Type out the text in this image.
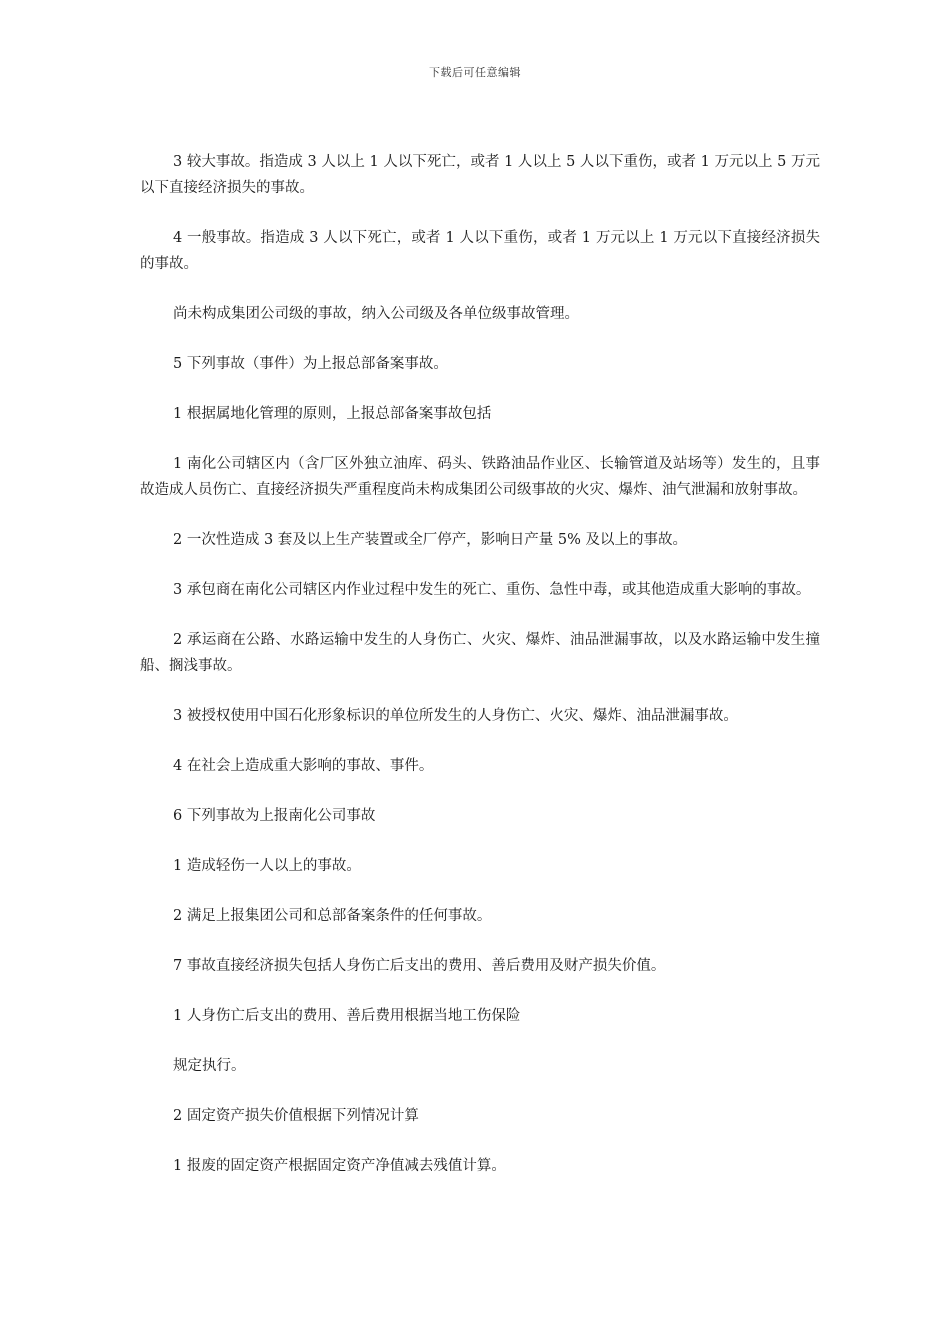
下载后可任意编辑

3 较大事故。指造成 3 人以上 1 人以下死亡，或者 1 人以上 5 人以下重伤，或者 1 万元以上 5 万元以下直接经济损失的事故。

4 一般事故。指造成 3 人以下死亡，或者 1 人以下重伤，或者 1 万元以上 1 万元以下直接经济损失的事故。

尚未构成集团公司级的事故，纳入公司级及各单位级事故管理。

5 下列事故（事件）为上报总部备案事故。

1 根据属地化管理的原则，上报总部备案事故包括

1 南化公司辖区内（含厂区外独立油库、码头、铁路油品作业区、长输管道及站场等）发生的，且事故造成人员伤亡、直接经济损失严重程度尚未构成集团公司级事故的火灾、爆炸、油气泄漏和放射事故。

2 一次性造成 3 套及以上生产装置或全厂停产，影响日产量 5% 及以上的事故。

3 承包商在南化公司辖区内作业过程中发生的死亡、重伤、急性中毒，或其他造成重大影响的事故。

2 承运商在公路、水路运输中发生的人身伤亡、火灾、爆炸、油品泄漏事故，以及水路运输中发生撞船、搁浅事故。

3 被授权使用中国石化形象标识的单位所发生的人身伤亡、火灾、爆炸、油品泄漏事故。

4 在社会上造成重大影响的事故、事件。

6 下列事故为上报南化公司事故

1 造成轻伤一人以上的事故。

2 满足上报集团公司和总部备案条件的任何事故。

7 事故直接经济损失包括人身伤亡后支出的费用、善后费用及财产损失价值。

1 人身伤亡后支出的费用、善后费用根据当地工伤保险

规定执行。

2 固定资产损失价值根据下列情况计算

1 报废的固定资产根据固定资产净值减去残值计算。
